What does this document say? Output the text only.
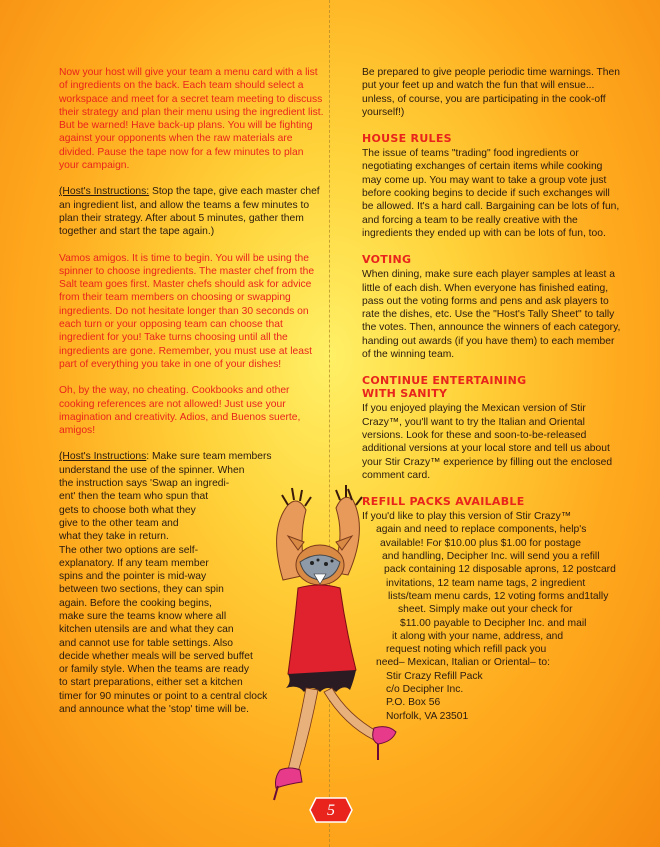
Now your host will give your team a menu card with a list of ingredients on the back. Each team should select a workspace and meet for a secret team meeting to discuss their strategy and plan their menu using the ingredient list. But be warned! Have back-up plans. You will be fighting against your opponents when the raw materials are divided. Pause the tape now for a few minutes to plan your campaign.

(Host's Instructions: Stop the tape, give each master chef an ingredient list, and allow the teams a few minutes to plan their strategy. After about 5 minutes, gather them together and start the tape again.)

Vamos amigos. It is time to begin. You will be using the spinner to choose ingredients. The master chef from the Salt team goes first. Master chefs should ask for advice from their team members on choosing or swapping ingredients. Do not hesitate longer than 30 seconds on each turn or your opposing team can choose that ingredient for you! Take turns choosing until all the ingredients are gone. Remember, you must use at least part of everything you take in one of your dishes!

Oh, by the way, no cheating. Cookbooks and other cooking references are not allowed! Just use your imagination and creativity. Adios, and Buenos suerte, amigos!

(Host's Instructions: Make sure team members
understand the use of the spinner. When
the instruction says 'Swap an ingredi-
ent' then the team who spun that
gets to choose both what they
give to the other team and
what they take in return.
The other two options are self-
explanatory. If any team member
spins and the pointer is mid-way
between two sections, they can spin
again. Before the cooking begins,
make sure the teams know where all
kitchen utensils are and what they can
and cannot use for table settings. Also
decide whether meals will be served buffet
or family style. When the teams are ready
to start preparations, either set a kitchen
timer for 90 minutes or point to a central clock
and announce what the 'stop' time will be.

Be prepared to give people periodic time warnings. Then put your feet up and watch the fun that will ensue... unless, of course, you are participating in the cook-off yourself!)

HOUSE RULES

The issue of teams "trading" food ingredients or negotiating exchanges of certain items while cooking may come up. You may want to take a group vote just before cooking begins to decide if such exchanges will be allowed. It's a hard call. Bargaining can be lots of fun, and forcing a team to be really creative with the ingredients they ended up with can be lots of fun, too.

VOTING

When dining, make sure each player samples at least a little of each dish. When everyone has finished eating, pass out the voting forms and pens and ask players to rate the dishes, etc. Use the "Host's Tally Sheet" to tally the votes. Then, announce the winners of each category, handing out awards (if you have them) to each member of the winning team.

CONTINUE ENTERTAINING
WITH SANITY

If you enjoyed playing the Mexican version of Stir Crazy™, you'll want to try the Italian and Oriental versions. Look for these and soon-to-be-released additional versions at your local store and tell us about your Stir Crazy™ experience by filling out the enclosed comment card.

REFILL PACKS AVAILABLE
If you'd like to play this version of Stir Crazy™
again and need to replace components, help's
available! For $10.00 plus $1.00 for postage
and handling, Decipher Inc. will send you a refill
pack containing 12 disposable aprons, 12 postcard
invitations, 12 team name tags, 2 ingredient
lists/team menu cards, 12 voting forms and1tally
sheet. Simply make out your check for
$11.00 payable to Decipher Inc. and mail
it along with your name, address, and
request noting which refill pack you
need– Mexican, Italian or Oriental– to:
Stir Crazy Refill Pack
c/o Decipher Inc.
P.O. Box 56
Norfolk, VA 23501
5
